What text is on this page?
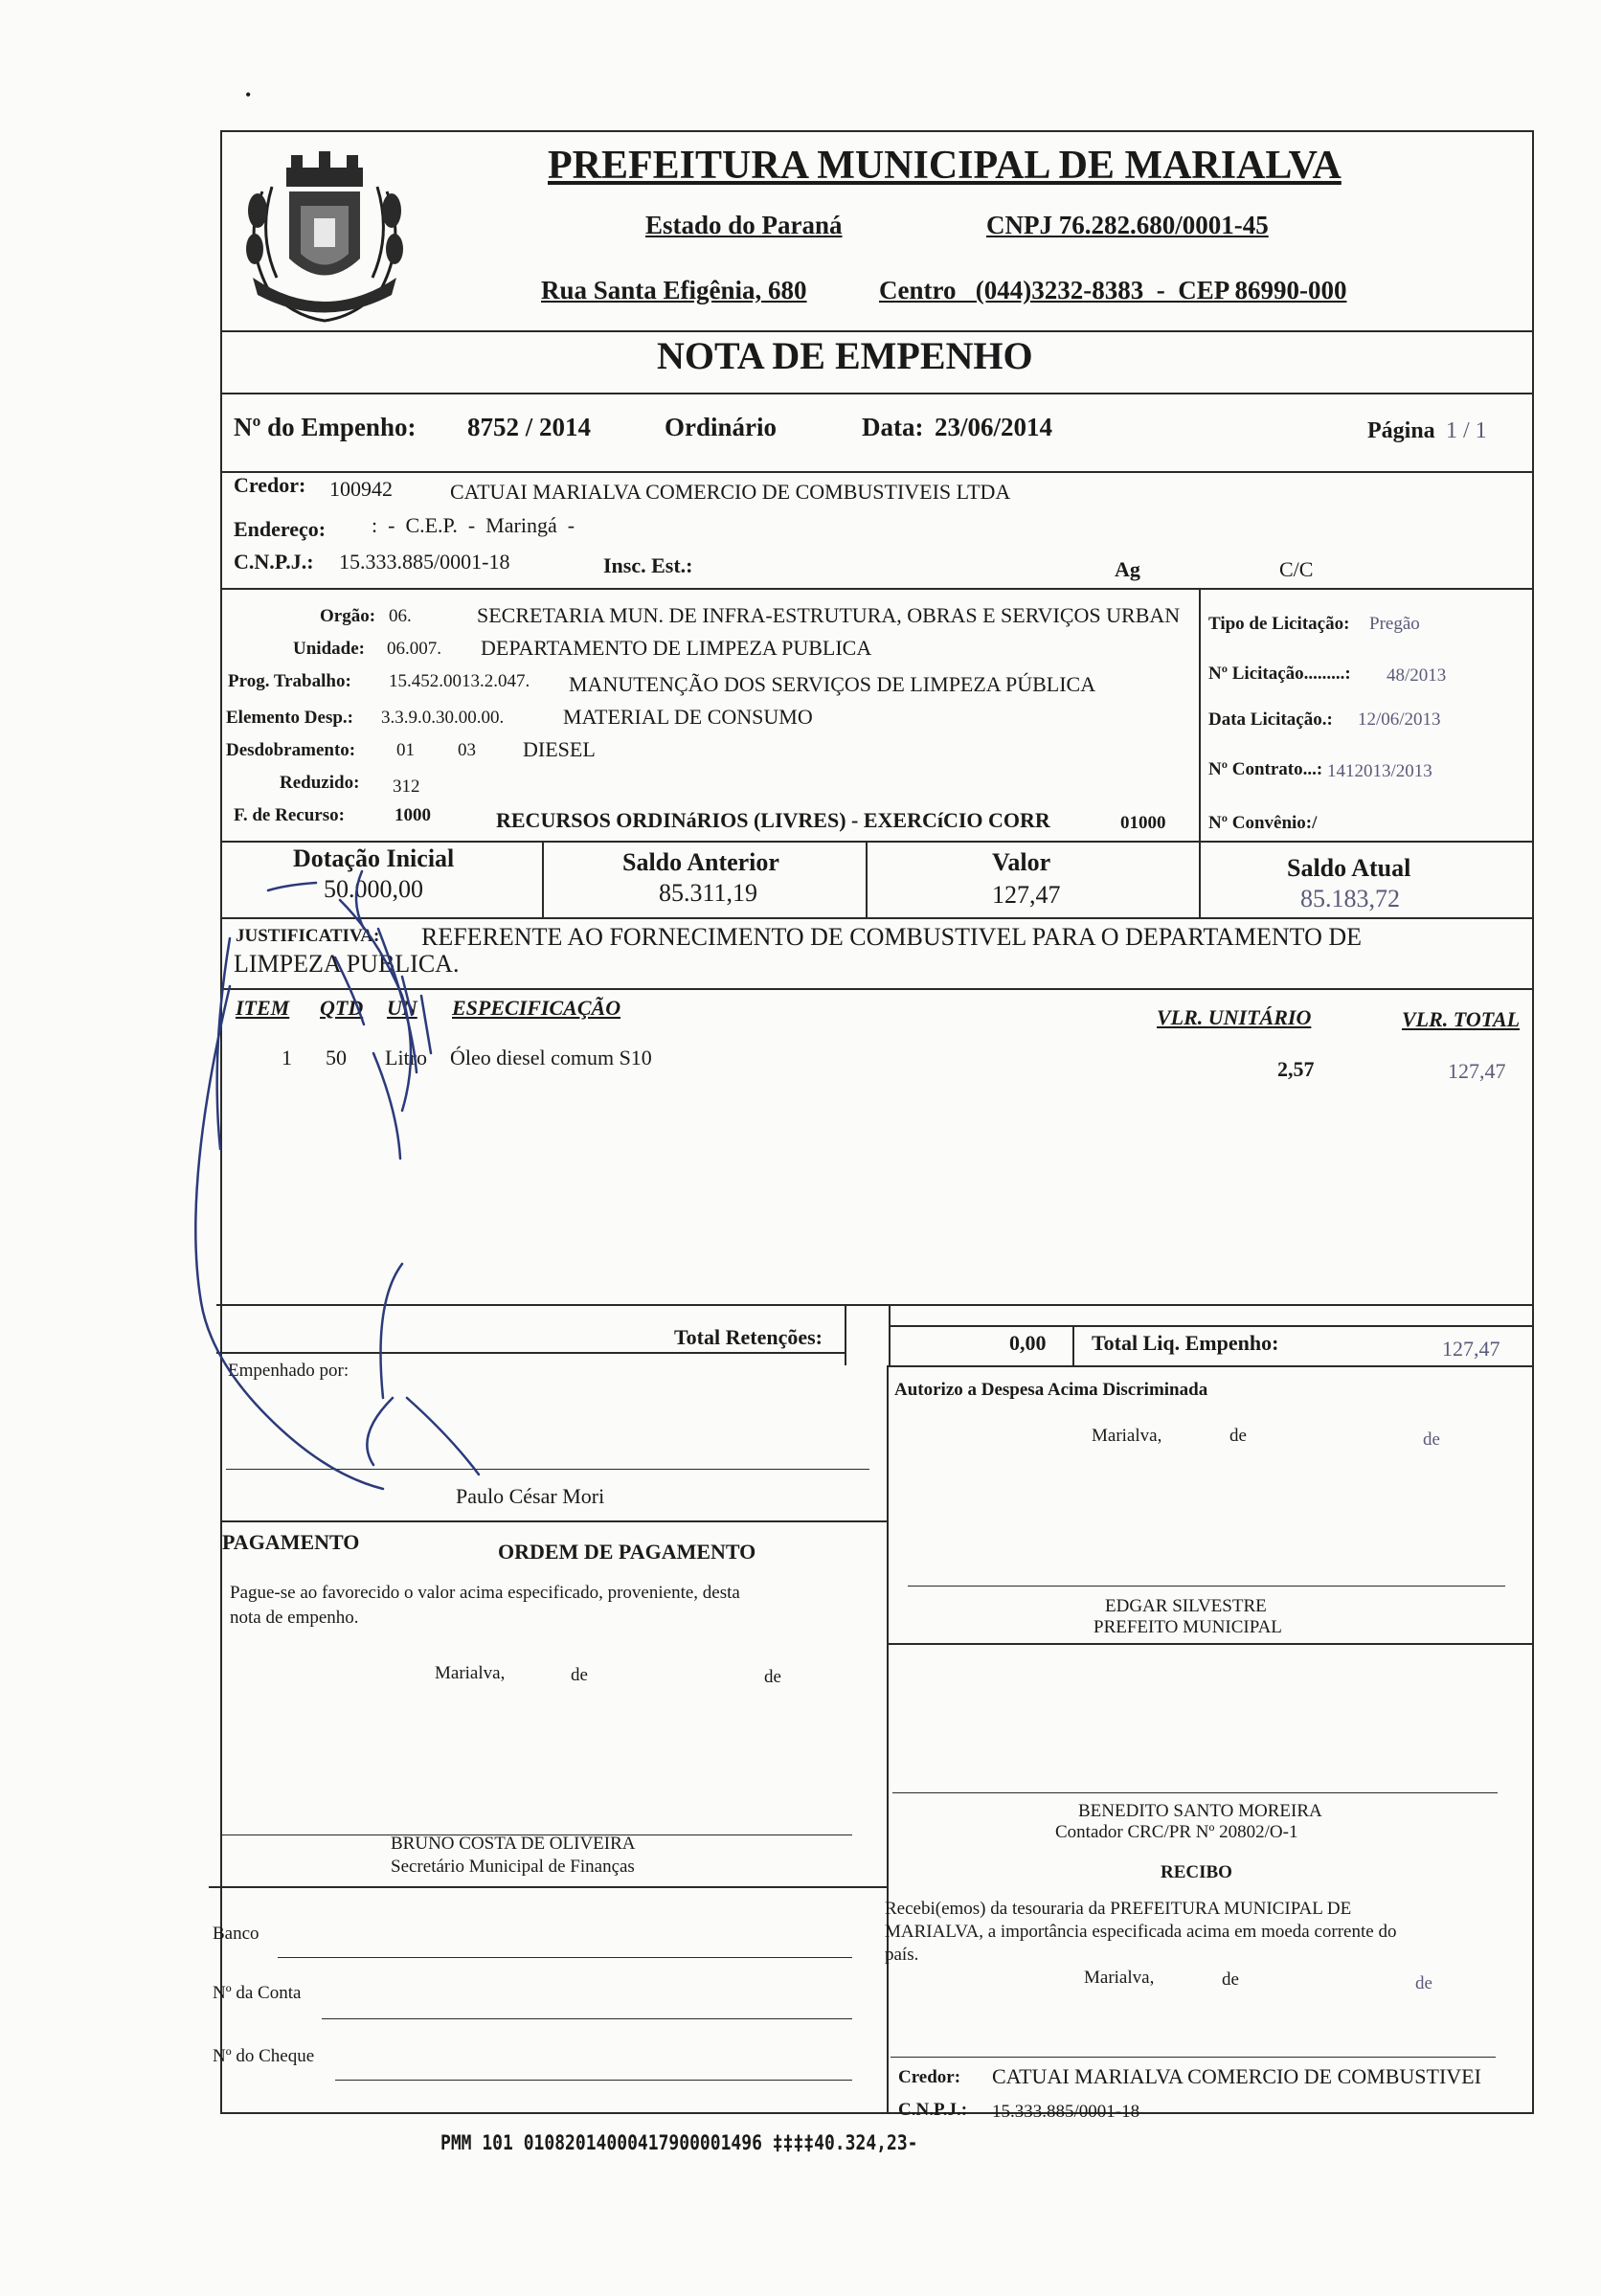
•
PREFEITURA MUNICIPAL DE MARIALVA
Estado do Paraná	CNPJ 76.282.680/0001-45
Rua Santa Efigênia, 680	Centro   (044)3232-8383  -  CEP 86990-000
NOTA DE EMPENHO
Nº do Empenho: 8752 / 2014	Ordinário	Data: 23/06/2014	Página 1 / 1
Credor: 100942	CATUAI MARIALVA COMERCIO DE COMBUSTIVEIS LTDA
Endereço: :  -  C.E.P.  -  Maringá  -
C.N.P.J.: 15.333.885/0001-18	Insc. Est.:	Ag	C/C
Orgão: 06.	SECRETARIA MUN. DE INFRA-ESTRUTURA, OBRAS E SERVIÇOS URBAN
Unidade: 06.007. DEPARTAMENTO DE LIMPEZA PUBLICA
Prog. Trabalho: 15.452.0013.2.047. MANUTENÇÃO DOS SERVIÇOS DE LIMPEZA PÚBLICA
Elemento Desp.: 3.3.9.0.30.00.00.	MATERIAL DE CONSUMO
Desdobramento: 01 03 DIESEL
Reduzido: 312
F. de Recurso:	1000	RECURSOS ORDINáRIOS (LIVRES) - EXERCíCIO CORR	01000
Tipo de Licitação: Pregão
Nº Licitação.........: 48/2013
Data Licitação.: 12/06/2013
Nº Contrato...: 1412013/2013
Nº Convênio:/
Dotação Inicial
50.000,00
Saldo Anterior
85.311,19
Valor
127,47
Saldo Atual
85.183,72
JUSTIFICATIVA: REFERENTE AO FORNECIMENTO DE COMBUSTIVEL PARA O DEPARTAMENTO DE
LIMPEZA PUBLICA.
ITEM QTD UN ESPECIFICAÇÃO	VLR. UNITÁRIO	VLR. TOTAL
1 50 Litro Óleo diesel comum S10	2,57	127,47
Total Retenções:	0,00 Total Liq. Empenho:	127,47
Empenhado por:
Paulo César Mori
Autorizo a Despesa Acima Discriminada
Marialva,	de	de
PAGAMENTO	ORDEM DE PAGAMENTO
Pague-se ao favorecido o valor acima especificado, proveniente, desta
nota de empenho.
Marialva,	de	de
EDGAR SILVESTRE
PREFEITO MUNICIPAL
BENEDITO SANTO MOREIRA
Contador CRC/PR Nº 20802/O-1
BRUNO COSTA DE OLIVEIRA
Secretário Municipal de Finanças	RECIBO
Recebi(emos) da tesouraria da PREFEITURA MUNICIPAL DE
MARIALVA, a importância especificada acima em moeda corrente do
país.
Marialva,	de	de
Banco
Nº da Conta
Nº do Cheque
Credor: CATUAI MARIALVA COMERCIO DE COMBUSTIVEI
C.N.P.J.: 15.333.885/0001-18
PMM 101 01082014000417900001496 ‡‡‡‡40.324,23-
